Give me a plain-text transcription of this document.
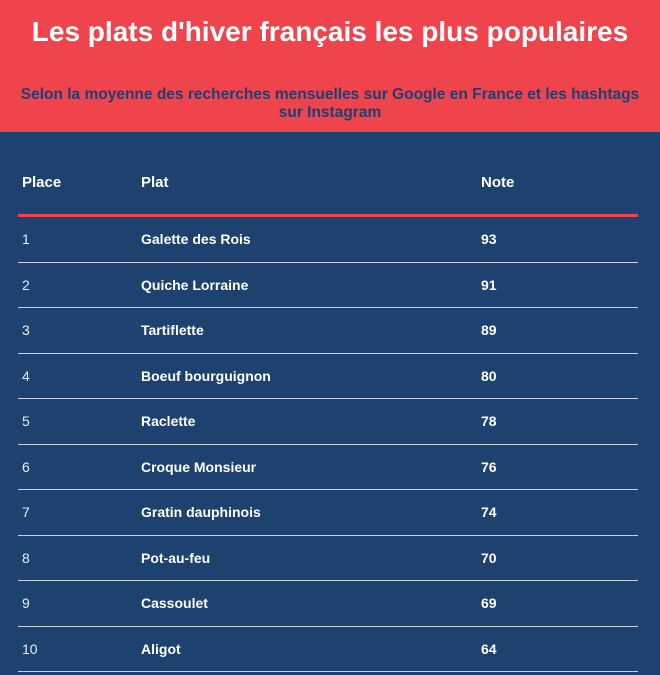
Les plats d'hiver français les plus populaires

Selon la moyenne des recherches mensuelles sur Google en France et les hashtags sur Instagram

Place	Plat	Note
1	Galette des Rois	93
2	Quiche Lorraine	91
3	Tartiflette	89
4	Boeuf bourguignon	80
5	Raclette	78
6	Croque Monsieur	76
7	Gratin dauphinois	74
8	Pot-au-feu	70
9	Cassoulet	69
10	Aligot	64
